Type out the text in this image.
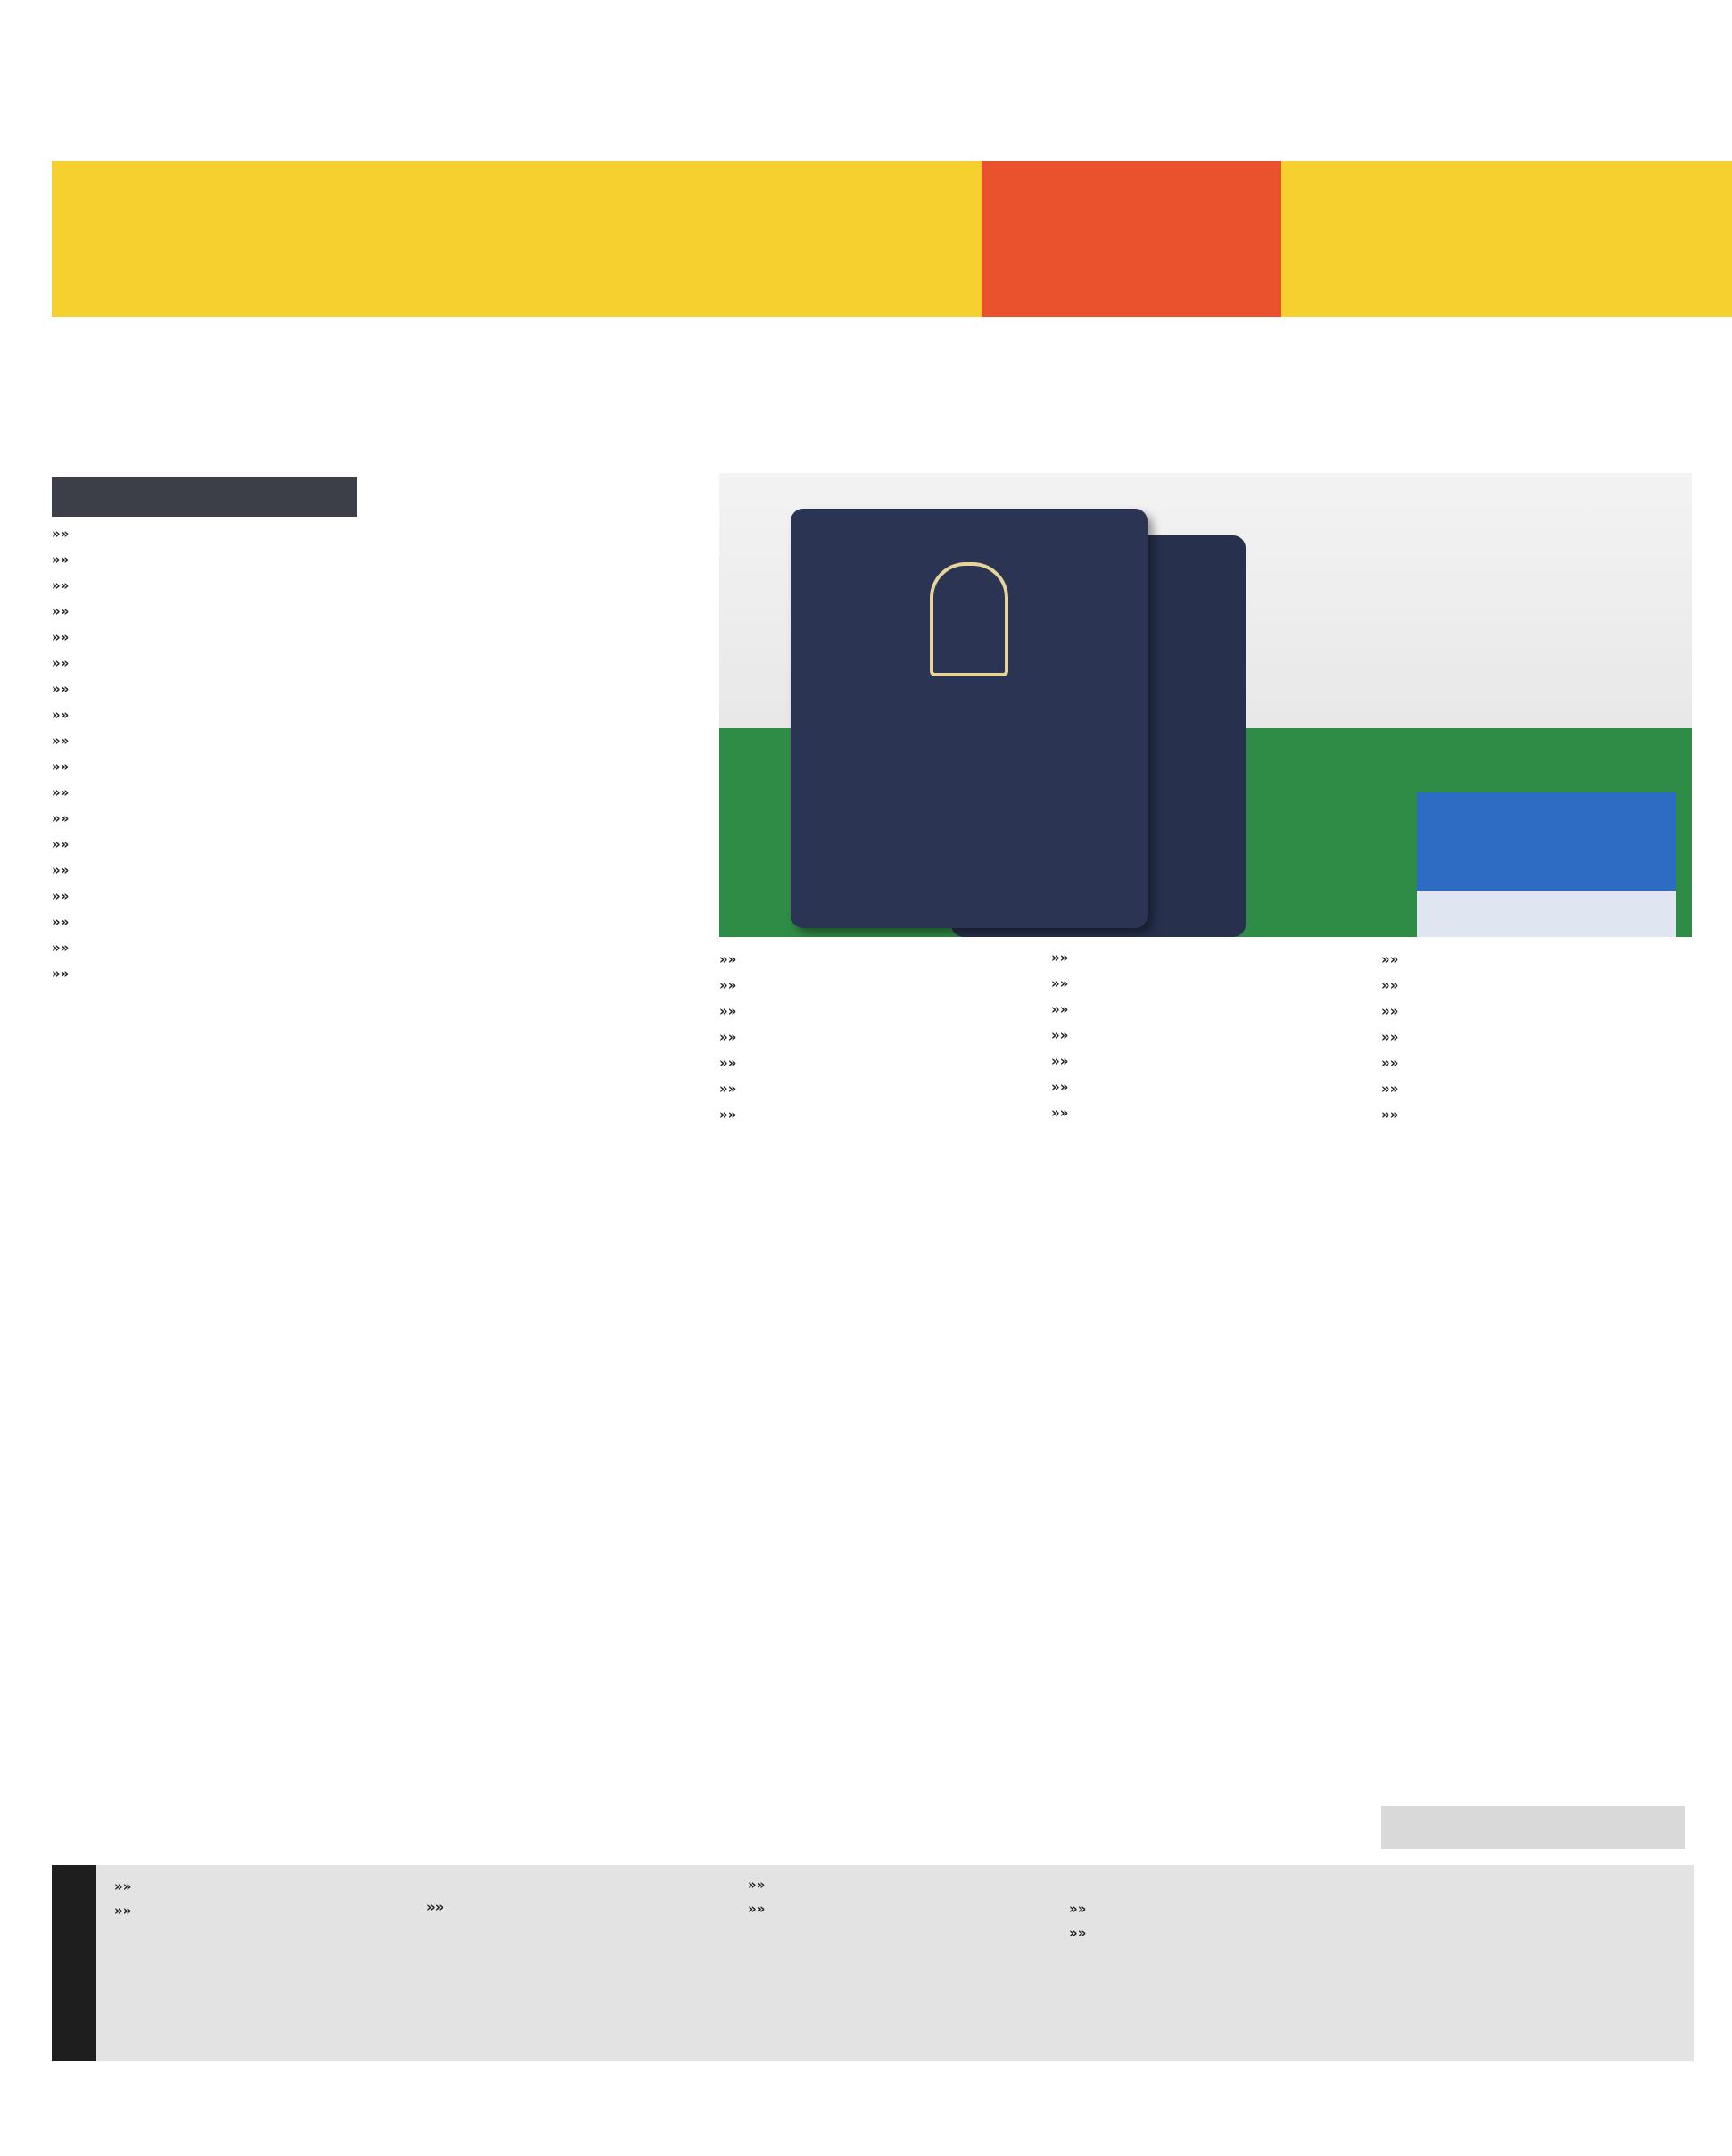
»»

»»

»»

»»

»»

»»

»»

»»

»»

»»

»»

»»

»»

»»

»»

»»

»»

»»

»»

»»

»»

»»

»»

»»

»»

»»

»»

»»

»»

»»

»»

»»

»»

»»

»»

»»

»»

»»

»»

»»

»»

»»

»»

»»

»»

»»
